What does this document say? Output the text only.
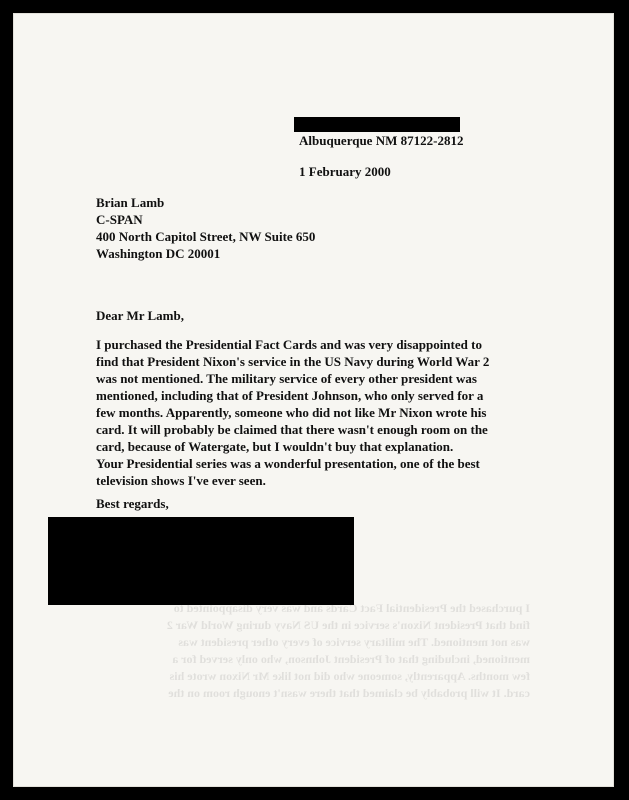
Albuquerque NM 87122-2812
1 February 2000
Brian Lamb
C-SPAN
400 North Capitol Street, NW Suite 650
Washington DC 20001
Dear Mr Lamb,
I purchased the Presidential Fact Cards and was very disappointed to
find that President Nixon's service in the US Navy during World War 2
was not mentioned. The military service of every other president was
mentioned, including that of President Johnson, who only served for a
few months. Apparently, someone who did not like Mr Nixon wrote his
card. It will probably be claimed that there wasn't enough room on the
card, because of Watergate, but I wouldn't buy that explanation.
Your Presidential series was a wonderful presentation, one of the best
television shows I've ever seen.
Best regards,
I purchased the Presidential Fact Cards and was very disappointed to
find that President Nixon's service in the US Navy during World War 2
was not mentioned. The military service of every other president was
mentioned, including that of President Johnson, who only served for a
few months. Apparently, someone who did not like Mr Nixon wrote his
card. It will probably be claimed that there wasn't enough room on the
